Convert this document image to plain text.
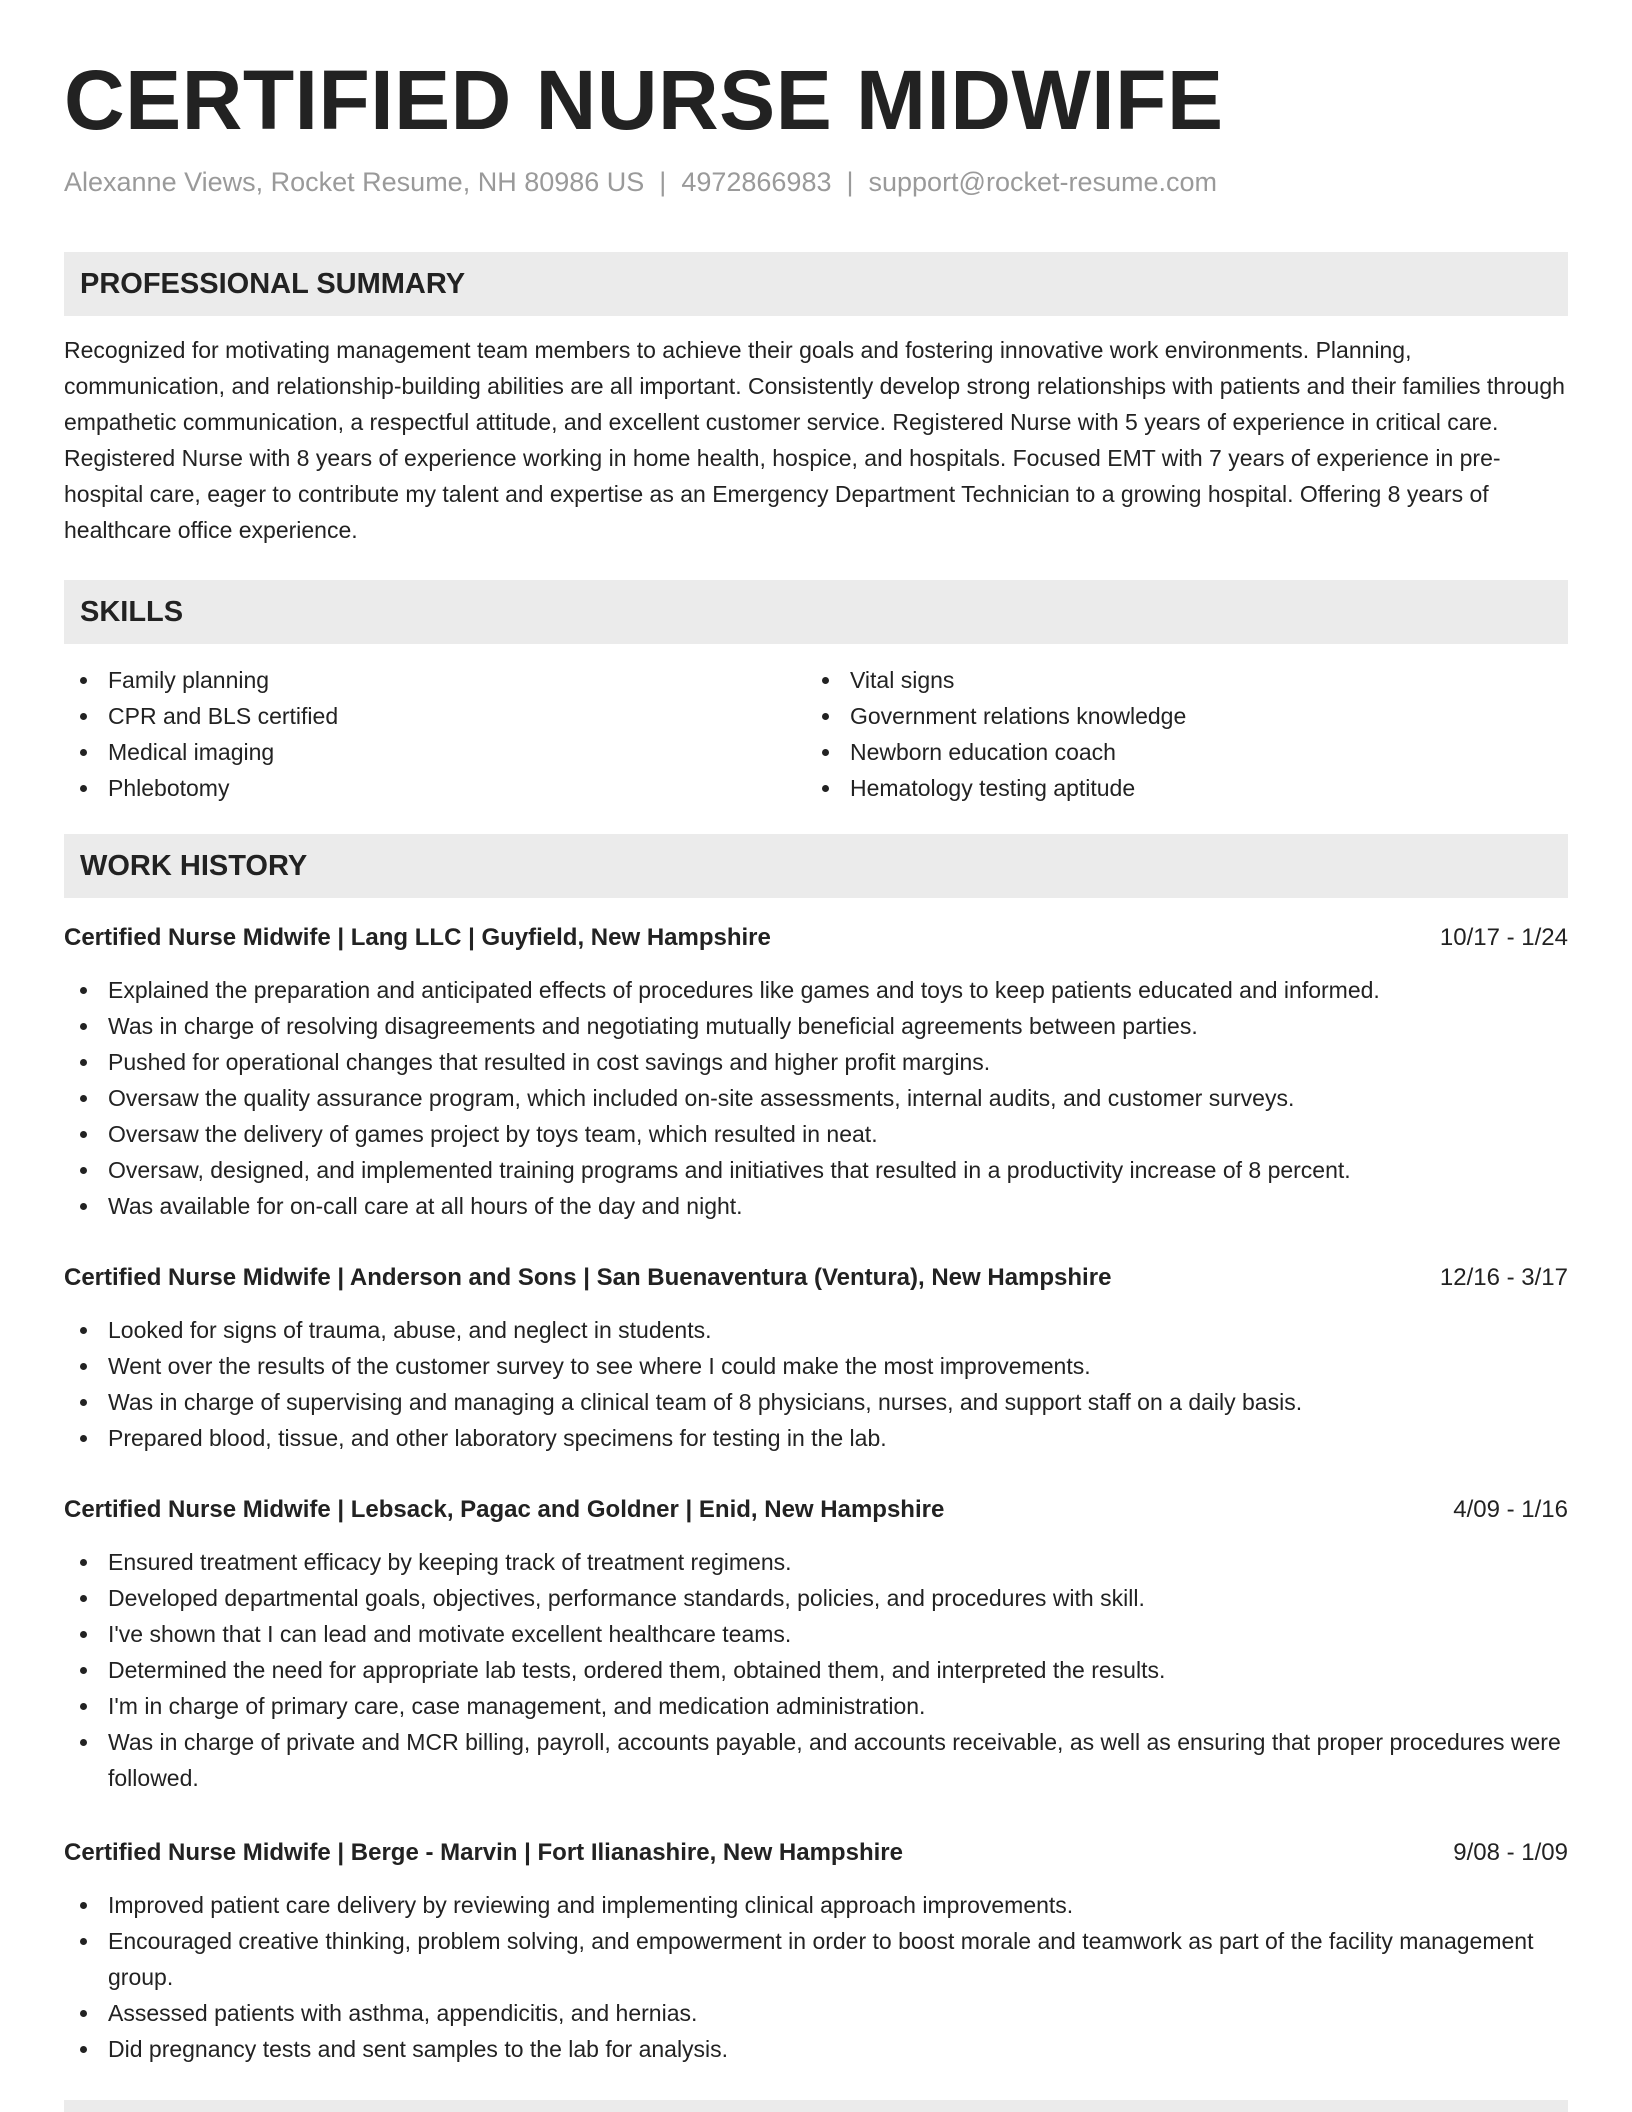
CERTIFIED NURSE MIDWIFE
Alexanne Views, Rocket Resume, NH 80986 US | 4972866983 | support@rocket-resume.com
PROFESSIONAL SUMMARY

Recognized for motivating management team members to achieve their goals and fostering innovative work environments. Planning, communication, and relationship-building abilities are all important. Consistently develop strong relationships with patients and their families through empathetic communication, a respectful attitude, and excellent customer service. Registered Nurse with 5 years of experience in critical care. Registered Nurse with 8 years of experience working in home health, hospice, and hospitals. Focused EMT with 7 years of experience in pre-hospital care, eager to contribute my talent and expertise as an Emergency Department Technician to a growing hospital. Offering 8 years of healthcare office experience.

SKILLS
Family planning
CPR and BLS certified
Medical imaging
Phlebotomy
Vital signs
Government relations knowledge
Newborn education coach
Hematology testing aptitude
WORK HISTORY
Certified Nurse Midwife | Lang LLC | Guyfield, New Hampshire	10/17 - 1/24
Explained the preparation and anticipated effects of procedures like games and toys to keep patients educated and informed.
Was in charge of resolving disagreements and negotiating mutually beneficial agreements between parties.
Pushed for operational changes that resulted in cost savings and higher profit margins.
Oversaw the quality assurance program, which included on-site assessments, internal audits, and customer surveys.
Oversaw the delivery of games project by toys team, which resulted in neat.
Oversaw, designed, and implemented training programs and initiatives that resulted in a productivity increase of 8 percent.
Was available for on-call care at all hours of the day and night.
Certified Nurse Midwife | Anderson and Sons | San Buenaventura (Ventura), New Hampshire	12/16 - 3/17
Looked for signs of trauma, abuse, and neglect in students.
Went over the results of the customer survey to see where I could make the most improvements.
Was in charge of supervising and managing a clinical team of 8 physicians, nurses, and support staff on a daily basis.
Prepared blood, tissue, and other laboratory specimens for testing in the lab.
Certified Nurse Midwife | Lebsack, Pagac and Goldner | Enid, New Hampshire	4/09 - 1/16
Ensured treatment efficacy by keeping track of treatment regimens.
Developed departmental goals, objectives, performance standards, policies, and procedures with skill.
I've shown that I can lead and motivate excellent healthcare teams.
Determined the need for appropriate lab tests, ordered them, obtained them, and interpreted the results.
I'm in charge of primary care, case management, and medication administration.
Was in charge of private and MCR billing, payroll, accounts payable, and accounts receivable, as well as ensuring that proper procedures were followed.
Certified Nurse Midwife | Berge - Marvin | Fort Ilianashire, New Hampshire	9/08 - 1/09
Improved patient care delivery by reviewing and implementing clinical approach improvements.
Encouraged creative thinking, problem solving, and empowerment in order to boost morale and teamwork as part of the facility management group.
Assessed patients with asthma, appendicitis, and hernias.
Did pregnancy tests and sent samples to the lab for analysis.
